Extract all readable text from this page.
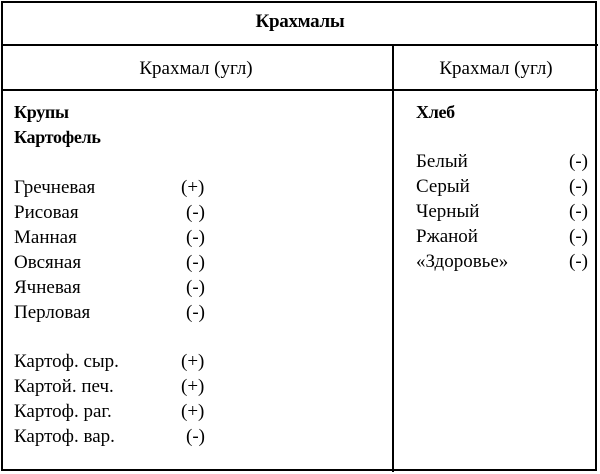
Крахмалы
Крахмал (угл)	Крахмал (угл)
Крупы
Картофель
Гречневая	(+)
Рисовая	(-)
Манная	(-)
Овсяная	(-)
Ячневая	(-)
Перловая	(-)
Картоф. сыр.	(+)
Картой. печ.	(+)
Картоф. раг.	(+)
Картоф. вар.	(-)
Хлеб
Белый	(-)
Серый	(-)
Черный	(-)
Ржаной	(-)
«Здоровье»	(-)
